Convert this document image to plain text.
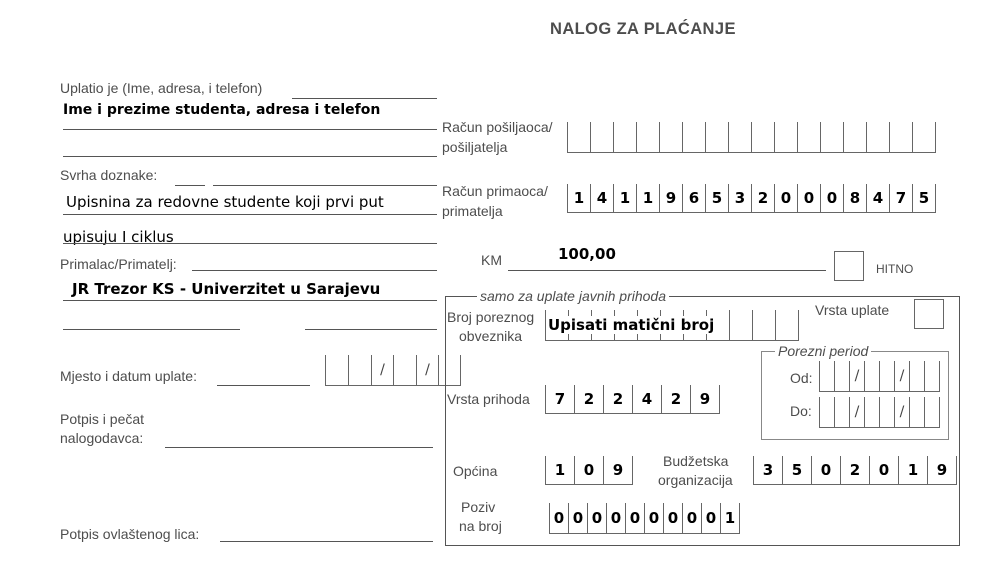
NALOG ZA PLAĆANJE
Uplatio je (Ime, adresa, i telefon)
Ime i prezime studenta, adresa i telefon
Svrha doznake:
Upisnina za redovne studente koji prvi put
upisuju I ciklus
Primalac/Primatelj:
JR Trezor KS - Univerzitet u Sarajevu
Mjesto i datum uplate:	/	/
Potpis i pečat
nalogodavca:
Potpis ovlaštenog lica:
Račun pošiljaoca/
pošiljatelja
Račun primaoca/
primatelja
1 4 1 1 9 6 5 3 2 0 0 0 8 4 7 5
KM	100,00
HITNO
samo za uplate javnih prihoda
Broj poreznog
obveznika
Upisati matični broj
Vrsta uplate
Porezni period
Od:	/	/
Do:	/	/
Vrsta prihoda	7	2	2	4	2	9
Općina	1	0	9	Budžetska
organizacija
3	5	0	2	0	1	9
Poziv
na broj	0 0 0 0 0 0 0 0 0 1
